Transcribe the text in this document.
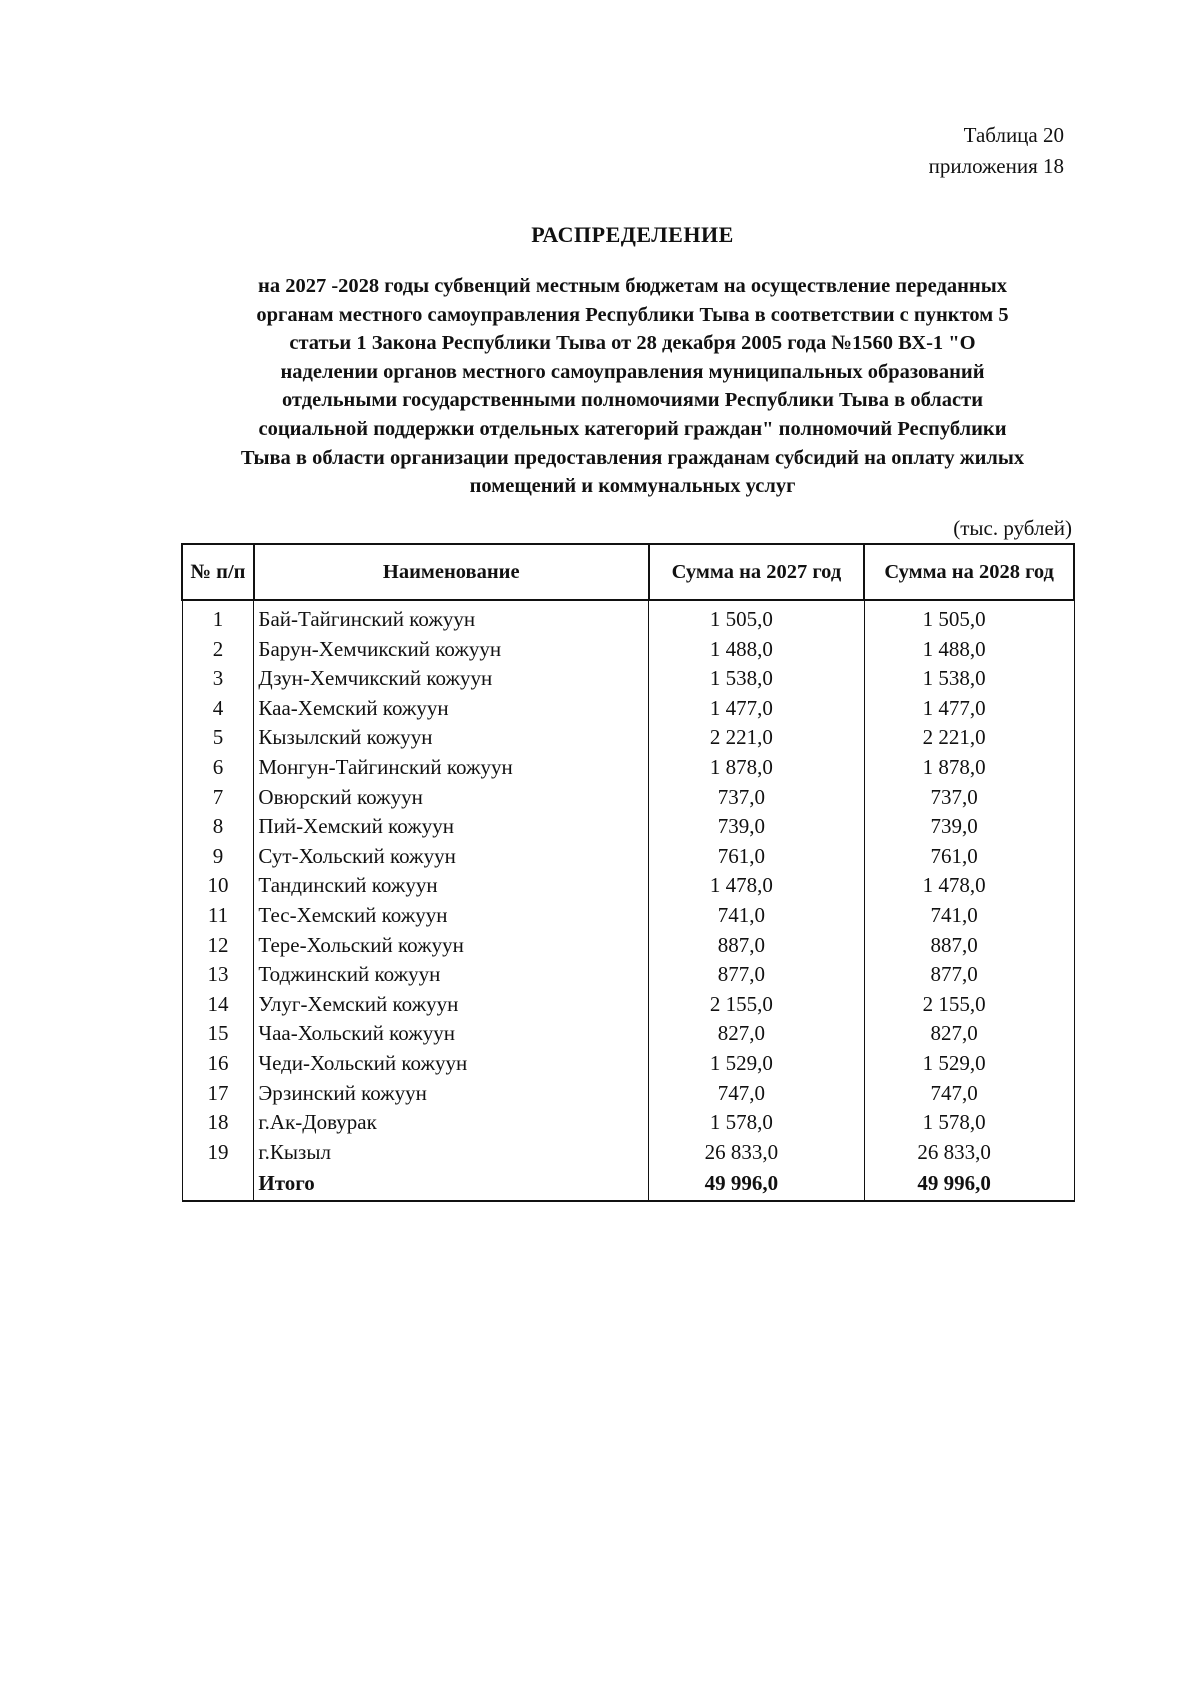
Таблица 20
приложения 18
РАСПРЕДЕЛЕНИЕ
на 2027 -2028 годы субвенций местным бюджетам на осуществление переданных
органам местного самоуправления Республики Тыва в соответствии с пунктом 5
статьи 1 Закона Республики Тыва от 28 декабря 2005 года №1560 ВХ-1 "О
наделении органов местного самоуправления муниципальных образований
отдельными государственными полномочиями Республики Тыва в области
социальной поддержки отдельных категорий граждан" полномочий Республики
Тыва в области организации предоставления гражданам субсидий на оплату жилых
помещений и коммунальных услуг
(тыс. рублей)
№ п/п	Наименование	Сумма на 2027 год	Сумма на 2028 год
1	Бай-Тайгинский кожуун	1 505,0	1 505,0
2	Барун-Хемчикский кожуун	1 488,0	1 488,0
3	Дзун-Хемчикский кожуун	1 538,0	1 538,0
4	Каа-Хемский кожуун	1 477,0	1 477,0
5	Кызылский кожуун	2 221,0	2 221,0
6	Монгун-Тайгинский кожуун	1 878,0	1 878,0
7	Овюрский кожуун	737,0	737,0
8	Пий-Хемский кожуун	739,0	739,0
9	Сут-Хольский кожуун	761,0	761,0
10	Тандинский кожуун	1 478,0	1 478,0
11	Тес-Хемский кожуун	741,0	741,0
12	Тере-Хольский кожуун	887,0	887,0
13	Тоджинский кожуун	877,0	877,0
14	Улуг-Хемский кожуун	2 155,0	2 155,0
15	Чаа-Хольский кожуун	827,0	827,0
16	Чеди-Хольский кожуун	1 529,0	1 529,0
17	Эрзинский кожуун	747,0	747,0
18	г.Ак-Довурак	1 578,0	1 578,0
19	г.Кызыл	26 833,0	26 833,0
	Итого	49 996,0	49 996,0
